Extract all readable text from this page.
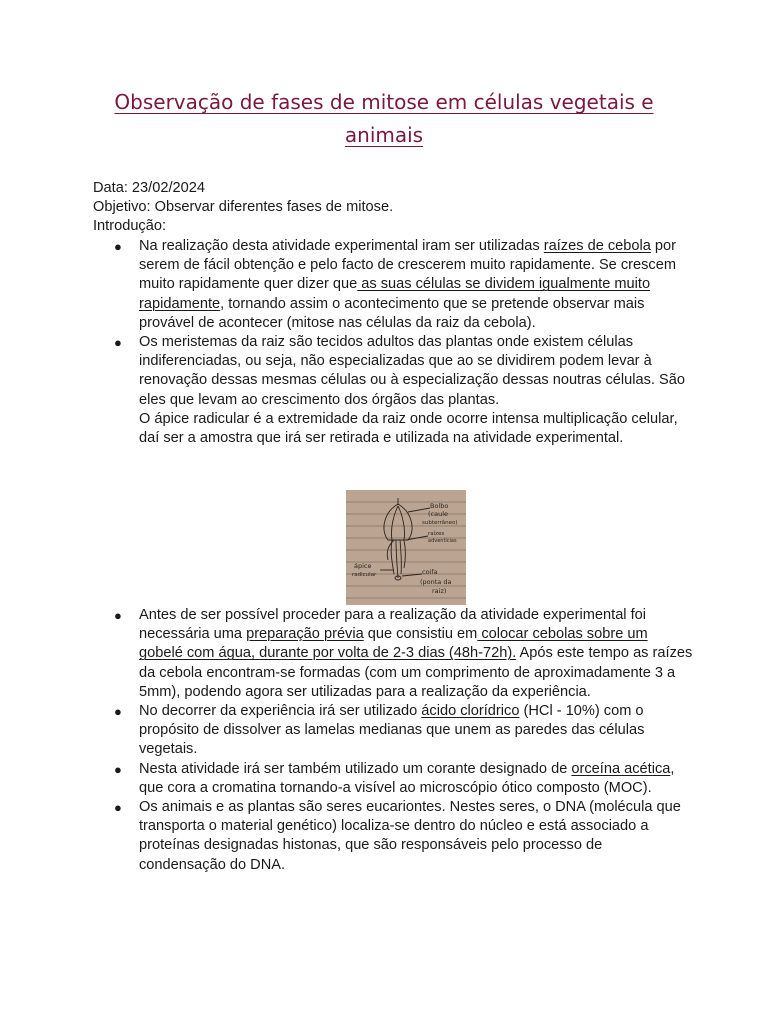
Observação de fases de mitose em células vegetais e
animais
Data: 23/02/2024
Objetivo: Observar diferentes fases de mitose.
Introdução:
● Na realização desta atividade experimental iram ser utilizadas raízes de cebola por serem de fácil obtenção e pelo facto de crescerem muito rapidamente. Se crescem muito rapidamente quer dizer que as suas células se dividem igualmente muito rapidamente, tornando assim o acontecimento que se pretende observar mais provável de acontecer (mitose nas células da raiz da cebola).
● Os meristemas da raiz são tecidos adultos das plantas onde existem células indiferenciadas, ou seja, não especializadas que ao se dividirem podem levar à renovação dessas mesmas células ou à especialização dessas noutras células. São eles que levam ao crescimento dos órgãos das plantas.
O ápice radicular é a extremidade da raiz onde ocorre intensa multiplicação celular, daí ser a amostra que irá ser retirada e utilizada na atividade experimental.
Bolbo
(caule
subterrâneo)
raízes
adventícias
ápice
radicular	coifa
(ponta da
raiz)
● Antes de ser possível proceder para a realização da atividade experimental foi necessária uma preparação prévia que consistiu em colocar cebolas sobre um gobelé com água, durante por volta de 2-3 dias (48h-72h). Após este tempo as raízes da cebola encontram-se formadas (com um comprimento de aproximadamente 3 a 5mm), podendo agora ser utilizadas para a realização da experiência.
● No decorrer da experiência irá ser utilizado ácido clorídrico (HCl - 10%) com o propósito de dissolver as lamelas medianas que unem as paredes das células vegetais.
● Nesta atividade irá ser também utilizado um corante designado de orceína acética, que cora a cromatina tornando-a visível ao microscópio ótico composto (MOC).
● Os animais e as plantas são seres eucariontes. Nestes seres, o DNA (molécula que transporta o material genético) localiza-se dentro do núcleo e está associado a proteínas designadas histonas, que são responsáveis pelo processo de condensação do DNA.
